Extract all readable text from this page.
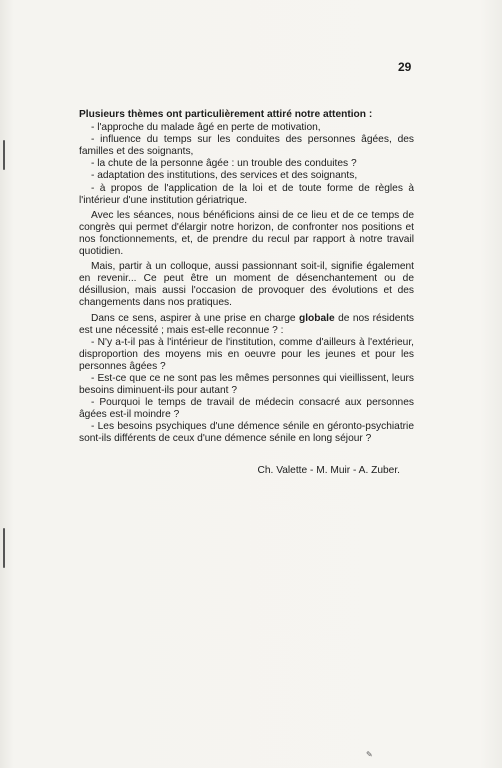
29

Plusieurs thèmes ont particulièrement attiré notre attention :

- l'approche du malade âgé en perte de motivation,

- influence du temps sur les conduites des personnes âgées, des familles et des soignants,

- la chute de la personne âgée : un trouble des conduites ?

- adaptation des institutions, des services et des soignants,

- à propos de l'application de la loi et de toute forme de règles à l'intérieur d'une institution gériatrique.

Avec les séances, nous bénéficions ainsi de ce lieu et de ce temps de congrès qui permet d'élargir notre horizon, de confronter nos positions et nos fonctionnements, et, de prendre du recul par rapport à notre travail quotidien.

Mais, partir à un colloque, aussi passionnant soit-il, signifie également en revenir... Ce peut être un moment de désenchantement ou de désillusion, mais aussi l'occasion de provoquer des évolutions et des changements dans nos pratiques.

Dans ce sens, aspirer à une prise en charge globale de nos résidents est une nécessité ; mais est-elle reconnue ? :

- N'y a-t-il pas à l'intérieur de l'institution, comme d'ailleurs à l'extérieur, disproportion des moyens mis en oeuvre pour les jeunes et pour les personnes âgées ?

- Est-ce que ce ne sont pas les mêmes personnes qui vieillissent, leurs besoins diminuent-ils pour autant ?

- Pourquoi le temps de travail de médecin consacré aux personnes âgées est-il moindre ?

- Les besoins psychiques d'une démence sénile en géronto-psychiatrie sont-ils différents de ceux d'une démence sénile en long séjour ?

Ch. Valette - M. Muir - A. Zuber.

✎
